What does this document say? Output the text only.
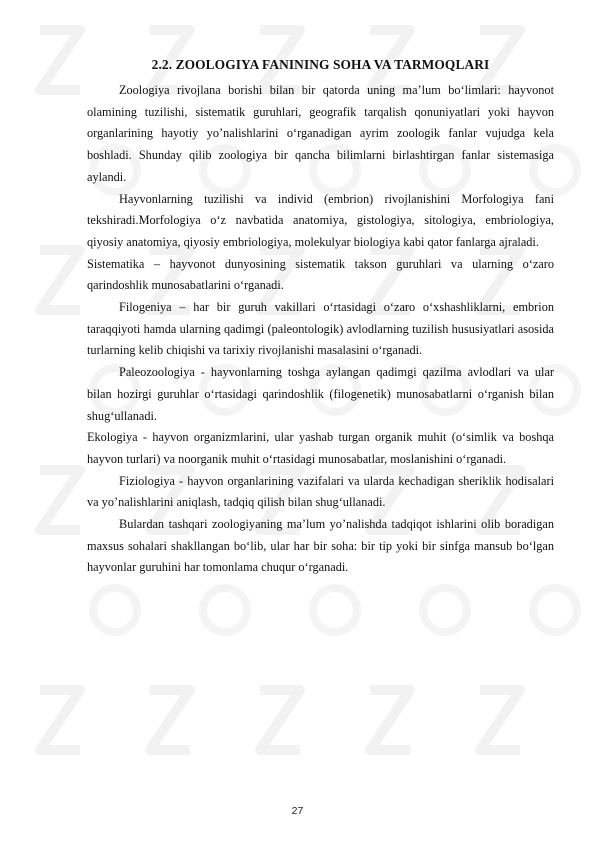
2.2. ZOOLOGIYA FANINING SOHA VA TARMOQLARI

Zoologiya rivojlana borishi bilan bir qatorda uning ma’lum bo‘limlari: hayvonot olamining tuzilishi, sistematik guruhlari, geografik tarqalish qonuniyatlari yoki hayvon organlarining hayotiy yo’nalishlarini o‘rganadigan ayrim zoologik fanlar vujudga kela boshladi. Shunday qilib zoologiya bir qancha bilimlarni birlashtirgan fanlar sistemasiga aylandi.

Hayvonlarning tuzilishi va individ (embrion) rivojlanishini Morfologiya fani tekshiradi.Morfologiya o‘z navbatida anatomiya, gistologiya, sitologiya, embriologiya, qiyosiy anatomiya, qiyosiy embriologiya, molekulyar biologiya kabi qator fanlarga ajraladi.

Sistematika – hayvonot dunyosining sistematik takson guruhlari va ularning o‘zaro qarindoshlik munosabatlarini o‘rganadi.

Filogeniya – har bir guruh vakillari o‘rtasidagi o‘zaro o‘xshashliklarni, embrion taraqqiyoti hamda ularning qadimgi (paleontologik) avlodlarning tuzilish hususiyatlari asosida turlarning kelib chiqishi va tarixiy rivojlanishi masalasini o‘rganadi.

Paleozoologiya - hayvonlarning toshga aylangan qadimgi qazilma avlodlari va ular bilan hozirgi guruhlar o‘rtasidagi qarindoshlik (filogenetik) munosabatlarni o‘rganish bilan shug‘ullanadi.

Ekologiya - hayvon organizmlarini, ular yashab turgan organik muhit (o‘simlik va boshqa hayvon turlari) va noorganik muhit o‘rtasidagi munosabatlar, moslanishini o‘rganadi.

Fiziologiya - hayvon organlarining vazifalari va ularda kechadigan sheriklik hodisalari va yo’nalishlarini aniqlash, tadqiq qilish bilan shug‘ullanadi.

Bulardan tashqari zoologiyaning ma’lum yo’nalishda tadqiqot ishlarini olib boradigan maxsus sohalari shakllangan bo‘lib, ular har bir soha: bir tip yoki bir sinfga mansub bo‘lgan hayvonlar guruhini har tomonlama chuqur o‘rganadi.

27
